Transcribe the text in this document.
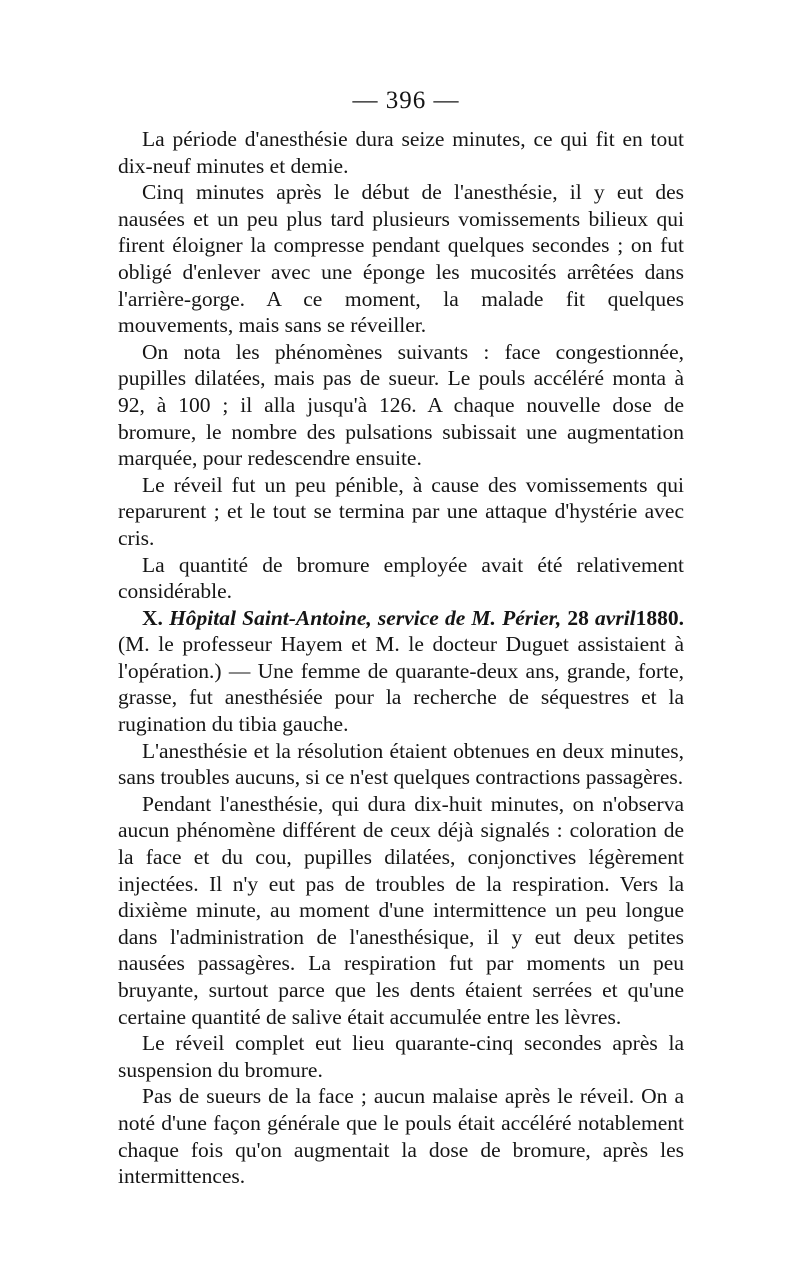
— 396 —

La période d'anesthésie dura seize minutes, ce qui fit en tout dix-neuf minutes et demie.

Cinq minutes après le début de l'anesthésie, il y eut des nausées et un peu plus tard plusieurs vomissements bilieux qui firent éloigner la compresse pendant quelques secondes ; on fut obligé d'enlever avec une éponge les mucosités arrêtées dans l'arrière-gorge. A ce moment, la malade fit quelques mouvements, mais sans se réveiller.

On nota les phénomènes suivants : face congestionnée, pupilles dilatées, mais pas de sueur. Le pouls accéléré monta à 92, à 100 ; il alla jusqu'à 126. A chaque nouvelle dose de bromure, le nombre des pulsations subissait une augmentation marquée, pour redescendre ensuite.

Le réveil fut un peu pénible, à cause des vomissements qui reparurent ; et le tout se termina par une attaque d'hystérie avec cris.

La quantité de bromure employée avait été relativement considérable.

X. Hôpital Saint-Antoine, service de M. Périer, 28 avril1880. (M. le professeur Hayem et M. le docteur Duguet assistaient à l'opération.) — Une femme de quarante-deux ans, grande, forte, grasse, fut anesthésiée pour la recherche de séquestres et la rugination du tibia gauche.

L'anesthésie et la résolution étaient obtenues en deux minutes, sans troubles aucuns, si ce n'est quelques contractions passagères.

Pendant l'anesthésie, qui dura dix-huit minutes, on n'observa aucun phénomène différent de ceux déjà signalés : coloration de la face et du cou, pupilles dilatées, conjonctives légèrement injectées. Il n'y eut pas de troubles de la respiration. Vers la dixième minute, au moment d'une intermittence un peu longue dans l'administration de l'anesthésique, il y eut deux petites nausées passagères. La respiration fut par moments un peu bruyante, surtout parce que les dents étaient serrées et qu'une certaine quantité de salive était accumulée entre les lèvres.

Le réveil complet eut lieu quarante-cinq secondes après la suspension du bromure.

Pas de sueurs de la face ; aucun malaise après le réveil. On a noté d'une façon générale que le pouls était accéléré notablement chaque fois qu'on augmentait la dose de bromure, après les intermittences.
